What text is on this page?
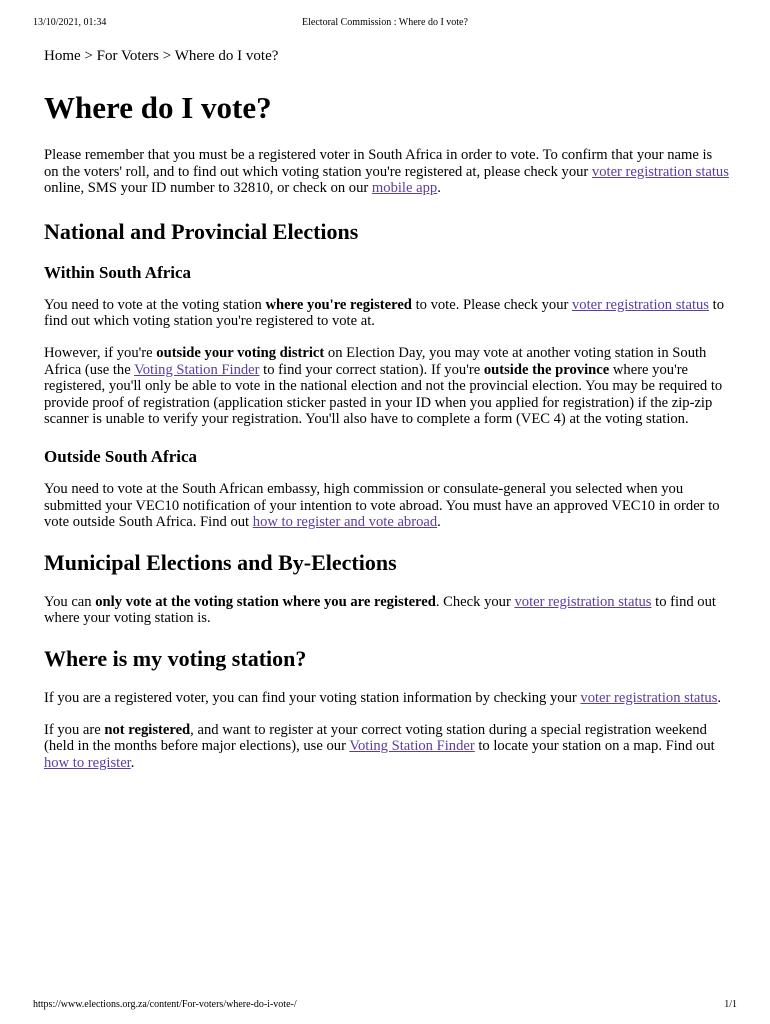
13/10/2021, 01:34	Electoral Commission : Where do I vote?

Home > For Voters > Where do I vote?

Where do I vote?

Please remember that you must be a registered voter in South Africa in order to vote. To confirm that your name is on the voters' roll, and to find out which voting station you're registered at, please check your voter registration status online, SMS your ID number to 32810, or check on our mobile app.

National and Provincial Elections
Within South Africa

You need to vote at the voting station where you're registered to vote. Please check your voter registration status to find out which voting station you're registered to vote at.

However, if you're outside your voting district on Election Day, you may vote at another voting station in South Africa (use the Voting Station Finder to find your correct station). If you're outside the province where you're registered, you'll only be able to vote in the national election and not the provincial election. You may be required to provide proof of registration (application sticker pasted in your ID when you applied for registration) if the zip-zip scanner is unable to verify your registration. You'll also have to complete a form (VEC 4) at the voting station.

Outside South Africa

You need to vote at the South African embassy, high commission or consulate-general you selected when you submitted your VEC10 notification of your intention to vote abroad. You must have an approved VEC10 in order to vote outside South Africa. Find out how to register and vote abroad.

Municipal Elections and By-Elections

You can only vote at the voting station where you are registered. Check your voter registration status to find out where your voting station is.

Where is my voting station?

If you are a registered voter, you can find your voting station information by checking your voter registration status.

If you are not registered, and want to register at your correct voting station during a special registration weekend (held in the months before major elections), use our Voting Station Finder to locate your station on a map. Find out how to register.

https://www.elections.org.za/content/For-voters/where-do-i-vote-/	1/1
